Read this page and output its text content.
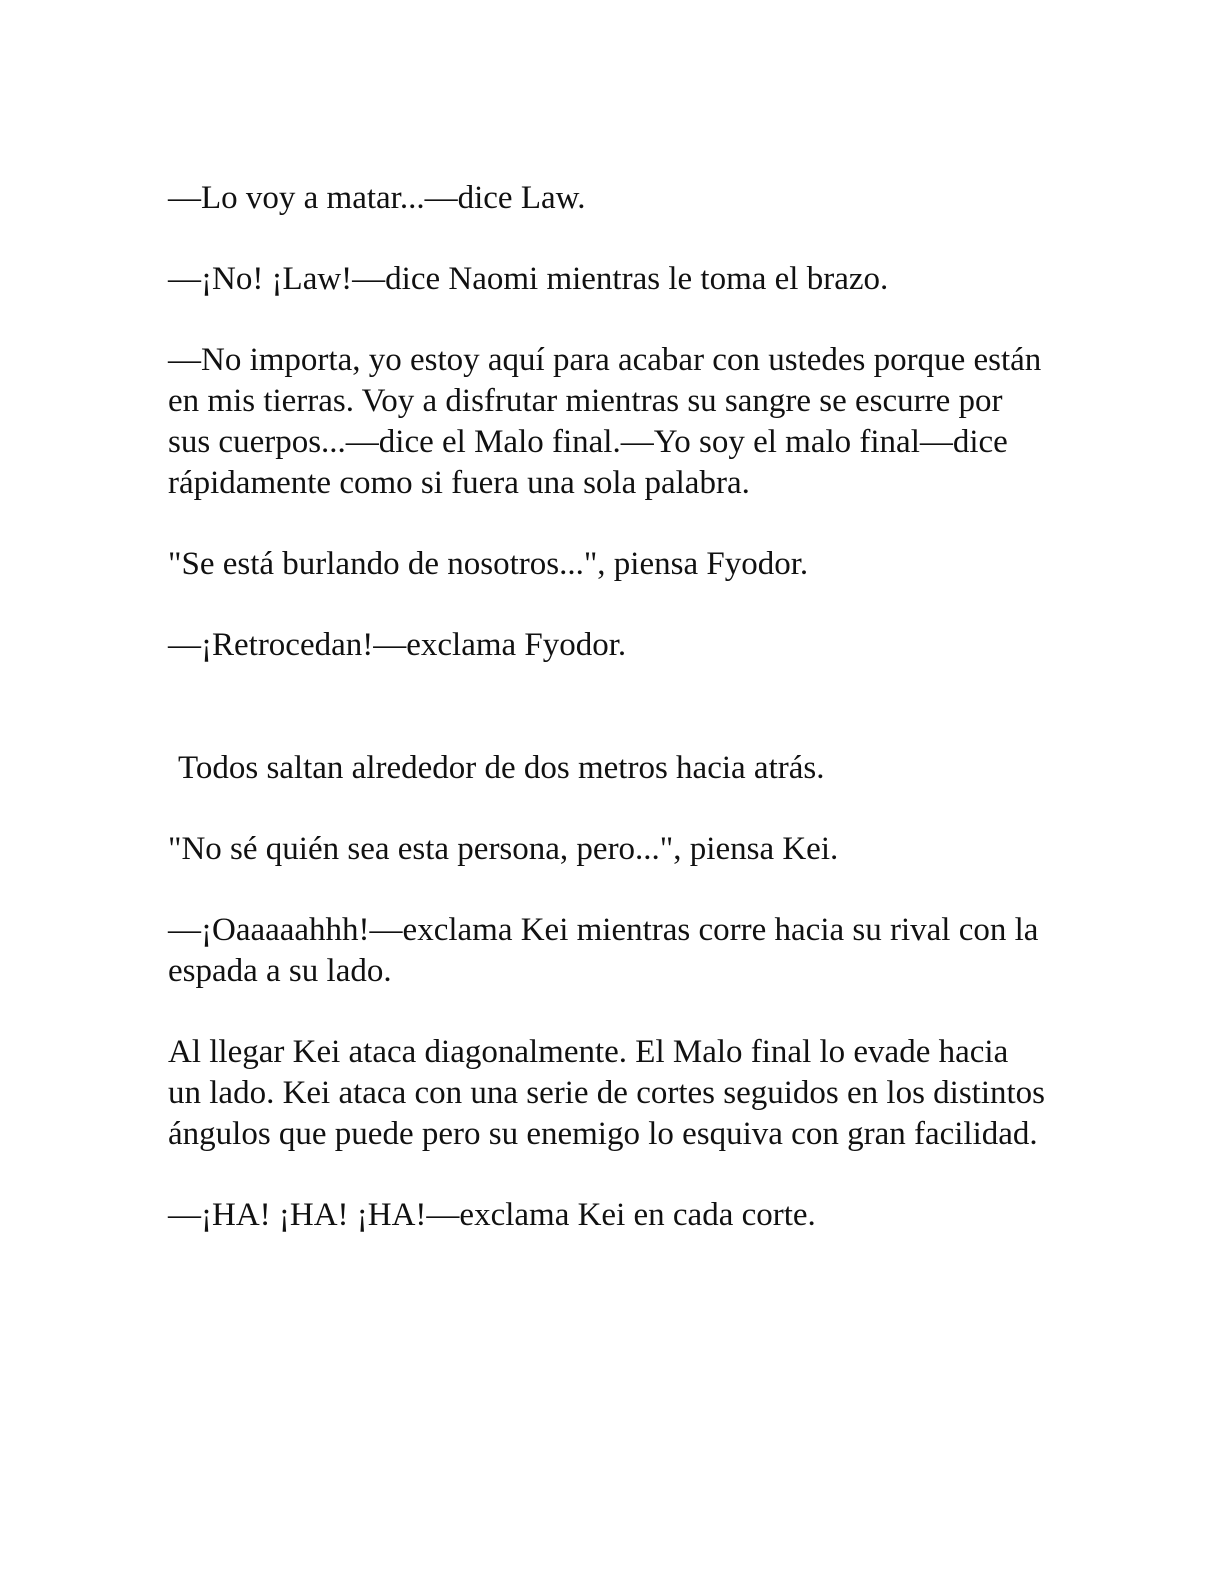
—Lo voy a matar...—dice Law.

—¡No! ¡Law!—dice Naomi mientras le toma el brazo.

—No importa, yo estoy aquí para acabar con ustedes porque están en mis tierras. Voy a disfrutar mientras su sangre se escurre por sus cuerpos...—dice el Malo final.—Yo soy el malo final—dice rápidamente como si fuera una sola palabra.

"Se está burlando de nosotros...", piensa Fyodor.

—¡Retrocedan!—exclama Fyodor.

Todos saltan alrededor de dos metros hacia atrás.

"No sé quién sea esta persona, pero...", piensa Kei.

—¡Oaaaaahhh!—exclama Kei mientras corre hacia su rival con la espada a su lado.

Al llegar Kei ataca diagonalmente. El Malo final lo evade hacia un lado. Kei ataca con una serie de cortes seguidos en los distintos ángulos que puede pero su enemigo lo esquiva con gran facilidad.

—¡HA! ¡HA! ¡HA!—exclama Kei en cada corte.
